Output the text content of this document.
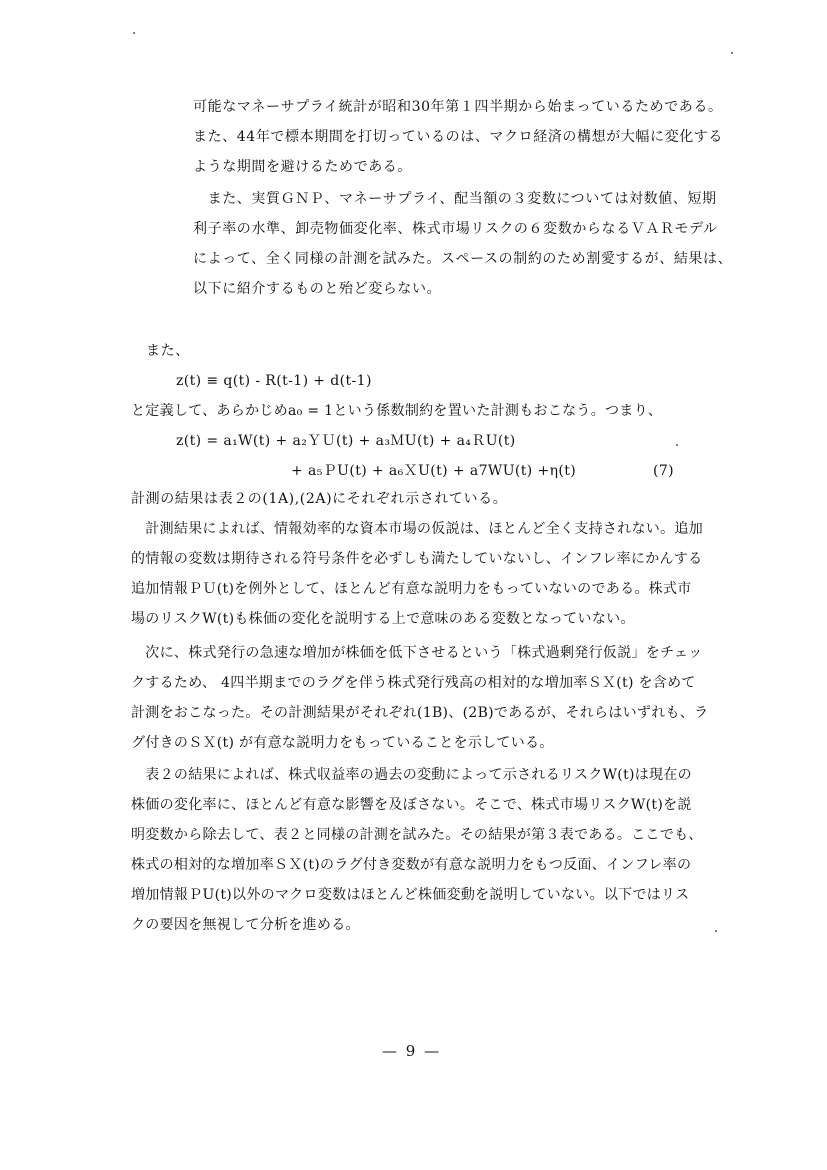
可能なマネーサプライ統計が昭和30年第１四半期から始まっているためである。
また、44年で標本期間を打切っているのは、マクロ経済の構想が大幅に変化する
ような期間を避けるためである。
　また、実質ＧＮＰ、マネーサプライ、配当額の３変数については対数値、短期
利子率の水準、卸売物価変化率、株式市場リスクの６変数からなるＶＡＲモデル
によって、全く同様の計測を試みた。スペースの制約のため割愛するが、結果は、
以下に紹介するものと殆ど変らない。
また、
z(t) ≡ q(t) - R(t-1) + d(t-1)
と定義して、あらかじめa₀ = 1という係数制約を置いた計測もおこなう。つまり、
z(t) = a₁W(t) + a₂ＹＵ(t) + a₃ＭU(t) + a₄ＲU(t)
+ a₅ＰU(t) + a₆ＸU(t) + a7WU(t) +η(t)	(7)
計測の結果は表２の(1A),(2A)にそれぞれ示されている。
　計測結果によれば、情報効率的な資本市場の仮説は、ほとんど全く支持されない。追加
的情報の変数は期待される符号条件を必ずしも満たしていないし、インフレ率にかんする
追加情報ＰＵ(t)を例外として、ほとんど有意な説明力をもっていないのである。株式市
場のリスクW(t)も株価の変化を説明する上で意味のある変数となっていない。
　次に、株式発行の急速な増加が株価を低下させるという「株式過剰発行仮説」をチェッ
クするため、 4四半期までのラグを伴う株式発行残高の相対的な増加率ＳＸ(t) を含めて
計測をおこなった。その計測結果がそれぞれ(1B)、(2B)であるが、それらはいずれも、ラ
グ付きのＳＸ(t) が有意な説明力をもっていることを示している。
　表２の結果によれば、株式収益率の過去の変動によって示されるリスクW(t)は現在の
株価の変化率に、ほとんど有意な影響を及ぼさない。そこで、株式市場リスクW(t)を説
明変数から除去して、表２と同様の計測を試みた。その結果が第３表である。ここでも、
株式の相対的な増加率ＳＸ(t)のラグ付き変数が有意な説明力をもつ反面、インフレ率の
増加情報ＰU(t)以外のマクロ変数はほとんど株価変動を説明していない。以下ではリス
クの要因を無視して分析を進める。
— 9 —
